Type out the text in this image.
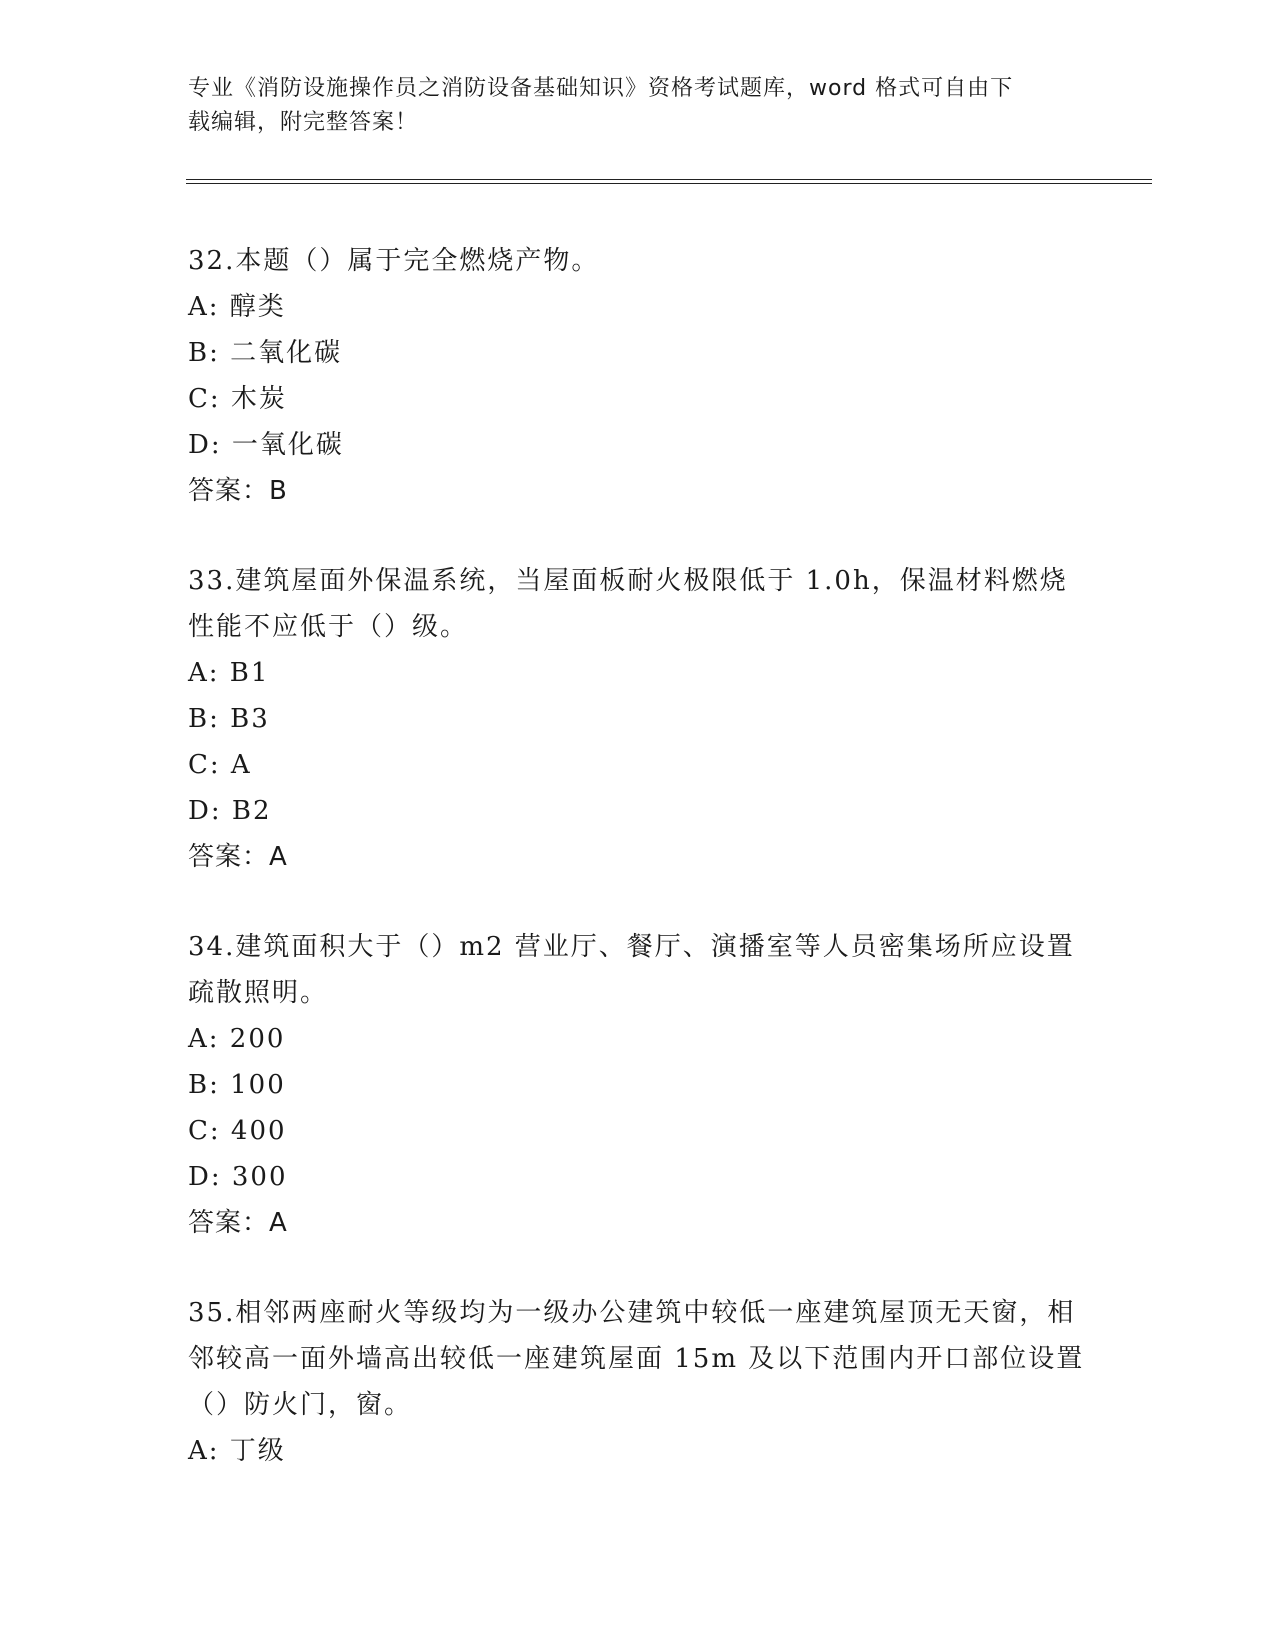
专业《消防设施操作员之消防设备基础知识》资格考试题库，word 格式可自由下
载编辑，附完整答案！
32.本题（）属于完全燃烧产物。
A: 醇类
B: 二氧化碳
C: 木炭
D: 一氧化碳
答案：B
33.建筑屋面外保温系统，当屋面板耐火极限低于 1.0h，保温材料燃烧性能不应低于（）级。
A: B1
B: B3
C: A
D: B2
答案：A
34.建筑面积大于（）m2 营业厅、餐厅、演播室等人员密集场所应设置疏散照明。
A: 200
B: 100
C: 400
D: 300
答案：A
35.相邻两座耐火等级均为一级办公建筑中较低一座建筑屋顶无天窗，相邻较高一面外墙高出较低一座建筑屋面 15m 及以下范围内开口部位设置（）防火门，窗。
A: 丁级
